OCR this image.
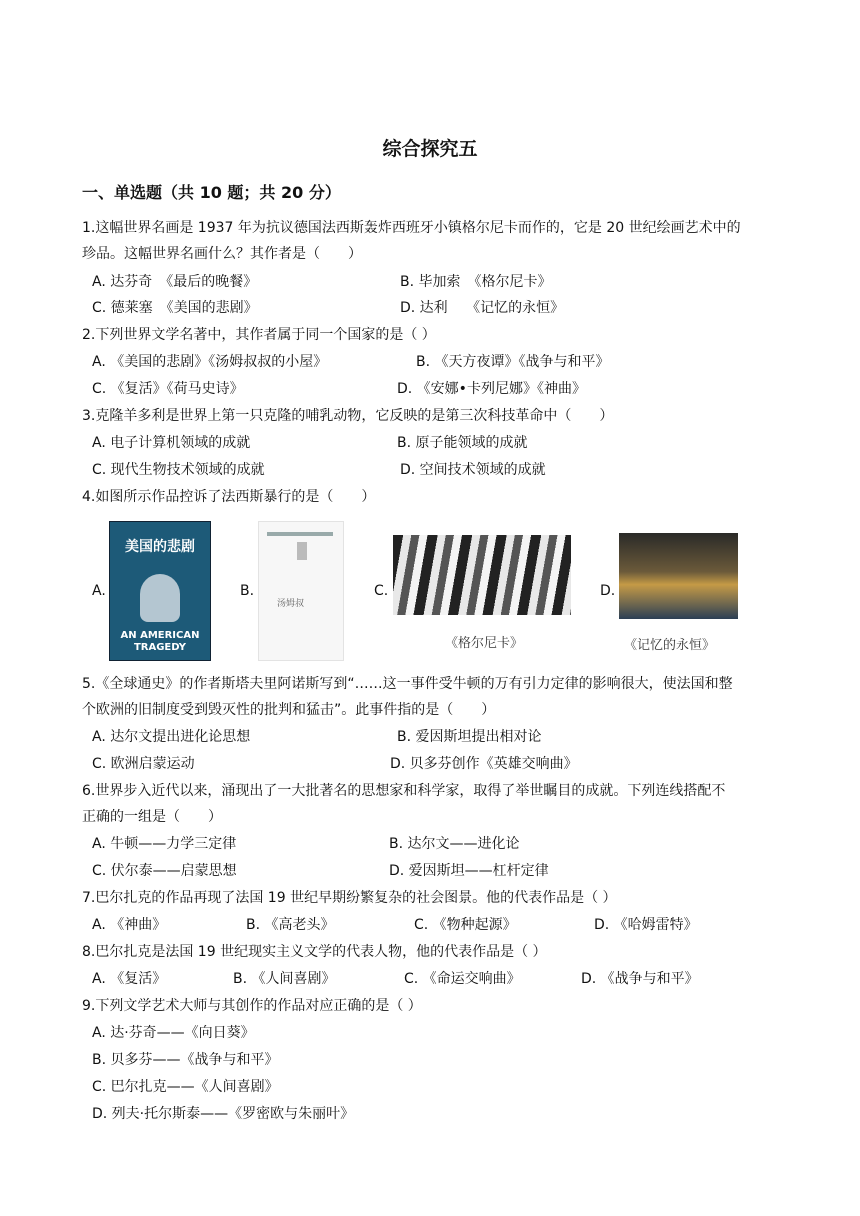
综合探究五
一、单选题（共 10 题；共 20 分）
1.这幅世界名画是 1937 年为抗议德国法西斯轰炸西班牙小镇格尔尼卡而作的，它是 20 世纪绘画艺术中的
珍品。这幅世界名画什么？其作者是（　　）
A. 达芬奇　《最后的晚餐》	B. 毕加索　《格尔尼卡》
C. 德莱塞　《美国的悲剧》	D. 达利　 《记忆的永恒》
2.下列世界文学名著中，其作者属于同一个国家的是（ ）
A. 《美国的悲剧》《汤姆叔叔的小屋》	B. 《天方夜谭》《战争与和平》
C. 《复活》《荷马史诗》	D. 《安娜•卡列尼娜》《神曲》
3.克隆羊多利是世界上第一只克隆的哺乳动物，它反映的是第三次科技革命中（　　）
A. 电子计算机领域的成就	B. 原子能领域的成就
C. 现代生物技术领域的成就	D. 空间技术领域的成就
4.如图所示作品控诉了法西斯暴行的是（　　）
A.
美国的悲剧
AN AMERICAN TRAGEDY
B.
汤姆叔
C.
《格尔尼卡》
D.
《记忆的永恒》
5.《全球通史》的作者斯塔夫里阿诺斯写到“……这一事件受牛顿的万有引力定律的影响很大，使法国和整
个欧洲的旧制度受到毁灭性的批判和猛击”。此事件指的是（　　）
A. 达尔文提出进化论思想	B. 爱因斯坦提出相对论
C. 欧洲启蒙运动	D. 贝多芬创作《英雄交响曲》
6.世界步入近代以来，涌现出了一大批著名的思想家和科学家，取得了举世瞩目的成就。下列连线搭配不
正确的一组是（　　）
A. 牛顿——力学三定律	B. 达尔文——进化论
C. 伏尔泰——启蒙思想	D. 爱因斯坦——杠杆定律
7.巴尔扎克的作品再现了法国 19 世纪早期纷繁复杂的社会图景。他的代表作品是（ ）
A. 《神曲》	B. 《高老头》	C. 《物种起源》	D. 《哈姆雷特》
8.巴尔扎克是法国 19 世纪现实主义文学的代表人物，他的代表作品是（ ）
A. 《复活》	B. 《人间喜剧》	C. 《命运交响曲》	D. 《战争与和平》
9.下列文学艺术大师与其创作的作品对应正确的是（ ）
A. 达·芬奇——《向日葵》
B. 贝多芬——《战争与和平》
C. 巴尔扎克——《人间喜剧》
D. 列夫·托尔斯泰——《罗密欧与朱丽叶》
